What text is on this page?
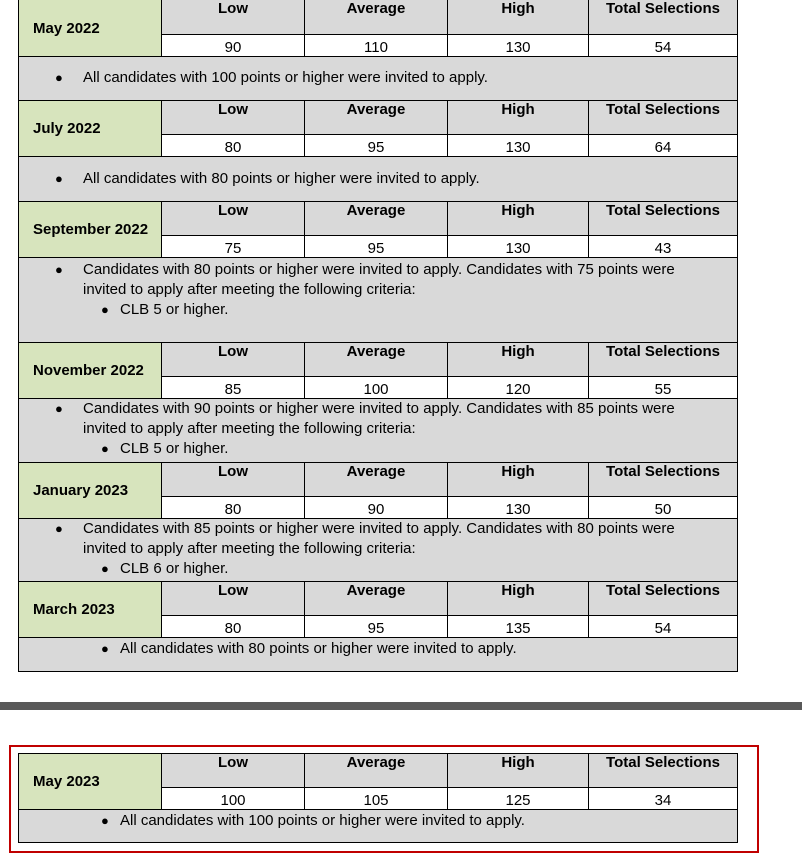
May 2022	Low	Average	High	Total Selections
	90	110	130	54

● All candidates with 100 points or higher were invited to apply.				
July 2022	Low	Average	High	Total Selections
	80	95	130	64

● All candidates with 80 points or higher were invited to apply.				
September 2022	Low	Average	High	Total Selections
	75	95	130	43

● Candidates with 80 points or higher were invited to apply. Candidates with 75 points were
invited to apply after meeting the following criteria:
● CLB 5 or higher.				
November 2022	Low	Average	High	Total Selections
	85	100	120	55

● Candidates with 90 points or higher were invited to apply. Candidates with 85 points were
invited to apply after meeting the following criteria:
● CLB 5 or higher.				
January 2023	Low	Average	High	Total Selections
	80	90	130	50

● Candidates with 85 points or higher were invited to apply. Candidates with 80 points were
invited to apply after meeting the following criteria:
● CLB 6 or higher.				
March 2023	Low	Average	High	Total Selections
	80	95	135	54

● All candidates with 80 points or higher were invited to apply.				
May 2023	Low	Average	High	Total Selections
	100	105	125	34

● All candidates with 100 points or higher were invited to apply.				
